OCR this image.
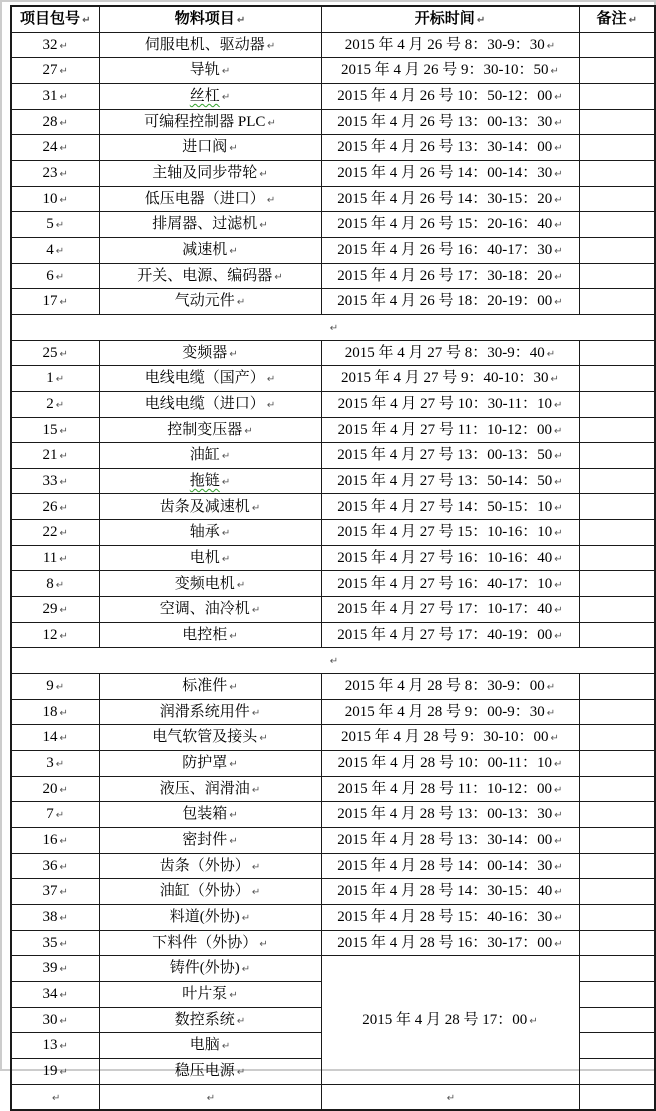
项目包号 ↵	物料项目 ↵	开标时间 ↵	备注 ↵
32 ↵	伺服电机、驱动器 ↵	2015 年 4 月 26 号 8：30-9：30 ↵	
27 ↵	导轨 ↵	2015 年 4 月 26 号 9：30-10：50 ↵	
31 ↵	丝杠 ↵	2015 年 4 月 26 号 10：50-12：00 ↵	
28 ↵	可编程控制器 PLC ↵	2015 年 4 月 26 号 13：00-13：30 ↵	
24 ↵	进口阀 ↵	2015 年 4 月 26 号 13：30-14：00 ↵	
23 ↵	主轴及同步带轮 ↵	2015 年 4 月 26 号 14：00-14：30 ↵	
10 ↵	低压电器（进口） ↵	2015 年 4 月 26 号 14：30-15：20 ↵	
5 ↵	排屑器、过滤机 ↵	2015 年 4 月 26 号 15：20-16：40 ↵	
4 ↵	减速机 ↵	2015 年 4 月 26 号 16：40-17：30 ↵	
6 ↵	开关、电源、编码器 ↵	2015 年 4 月 26 号 17：30-18：20 ↵	
17 ↵	气动元件 ↵	2015 年 4 月 26 号 18：20-19：00 ↵	
↵			
25 ↵	变频器 ↵	2015 年 4 月 27 号 8：30-9：40 ↵	
1 ↵	电线电缆（国产） ↵	2015 年 4 月 27 号 9：40-10：30 ↵	
2 ↵	电线电缆（进口） ↵	2015 年 4 月 27 号 10：30-11：10 ↵	
15 ↵	控制变压器 ↵	2015 年 4 月 27 号 11：10-12：00 ↵	
21 ↵	油缸 ↵	2015 年 4 月 27 号 13：00-13：50 ↵	
33 ↵	拖链 ↵	2015 年 4 月 27 号 13：50-14：50 ↵	
26 ↵	齿条及减速机 ↵	2015 年 4 月 27 号 14：50-15：10 ↵	
22 ↵	轴承 ↵	2015 年 4 月 27 号 15：10-16：10 ↵	
11 ↵	电机 ↵	2015 年 4 月 27 号 16：10-16：40 ↵	
8 ↵	变频电机 ↵	2015 年 4 月 27 号 16：40-17：10 ↵	
29 ↵	空调、油冷机 ↵	2015 年 4 月 27 号 17：10-17：40 ↵	
12 ↵	电控柜 ↵	2015 年 4 月 27 号 17：40-19：00 ↵	
↵			
9 ↵	标准件 ↵	2015 年 4 月 28 号 8：30-9：00 ↵	
18 ↵	润滑系统用件 ↵	2015 年 4 月 28 号 9：00-9：30 ↵	
14 ↵	电气软管及接头 ↵	2015 年 4 月 28 号 9：30-10：00 ↵	
3 ↵	防护罩 ↵	2015 年 4 月 28 号 10：00-11：10 ↵	
20 ↵	液压、润滑油 ↵	2015 年 4 月 28 号 11：10-12：00 ↵	
7 ↵	包装箱 ↵	2015 年 4 月 28 号 13：00-13：30 ↵	
16 ↵	密封件 ↵	2015 年 4 月 28 号 13：30-14：00 ↵	
36 ↵	齿条（外协） ↵	2015 年 4 月 28 号 14：00-14：30 ↵	
37 ↵	油缸（外协） ↵	2015 年 4 月 28 号 14：30-15：40 ↵	
38 ↵	料道(外协) ↵	2015 年 4 月 28 号 15：40-16：30 ↵	
35 ↵	下料件（外协） ↵	2015 年 4 月 28 号 16：30-17：00 ↵	
39 ↵	铸件(外协) ↵	2015 年 4 月 28 号 17：00 ↵	
34 ↵	叶片泵 ↵		
30 ↵	数控系统 ↵		
13 ↵	电脑 ↵		
19 ↵	稳压电源 ↵		
↵	↵	↵	
